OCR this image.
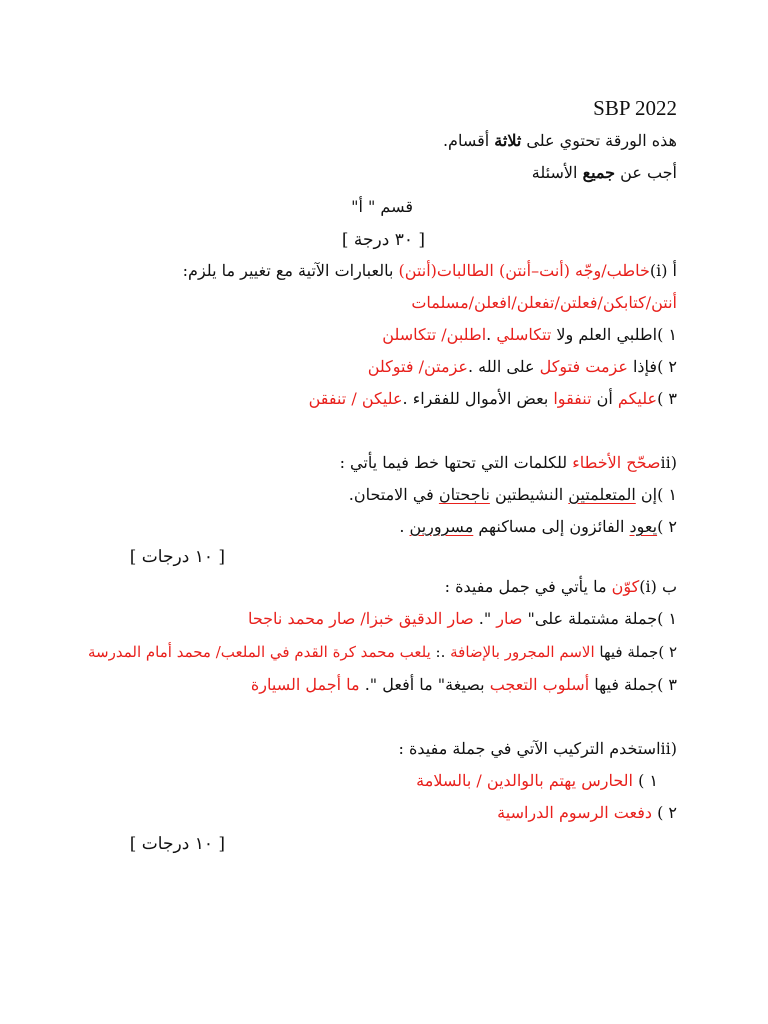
SBP 2022
هذه الورقة تحتوي على ثلاثة أقسام.
أجب عن جميع الأسئلة
قسم " أ"
[ ٣٠ درجة ]
أ (i)خاطب/وجّه (أنت–أنتن) الطالبات(أنتن) بالعبارات الآتية مع تغيير ما يلزم:
أنتن/كتابكن/فعلتن/تفعلن/افعلن/مسلمات
١ )اطلبي العلم ولا تتكاسلي .اطلبن/ تتكاسلن
٢ )فإذا عزمت فتوكل على الله .عزمتن/ فتوكلن
٣ )عليكم أن تنفقوا بعض الأموال للفقراء .عليكن / تنفقن
(iiصحّح الأخطاء للكلمات التي تحتها خط فيما يأتي :
١ )إن المتعلمتين النشيطتين ناجحتان في الامتحان.
٢ )يعود الفائزون إلى مساكنهم مسرورين .
[ ١٠ درجات ]
ب (i)كوّن ما يأتي في جمل مفيدة :
١ )جملة مشتملة على" صار ". صار الدقيق خبزا/ صار محمد ناجحا
٢ )جملة فيها الاسم المجرور بالإضافة .: يلعب محمد كرة القدم في الملعب/ محمد أمام المدرسة
٣ )جملة فيها أسلوب التعجب بصيغة" ما أفعل ". ما أجمل السيارة
(iiاستخدم التركيب الآتي في جملة مفيدة :
١ ) الحارس يهتم بالوالدين / بالسلامة
٢ ) دفعت الرسوم الدراسية
[ ١٠ درجات ]
